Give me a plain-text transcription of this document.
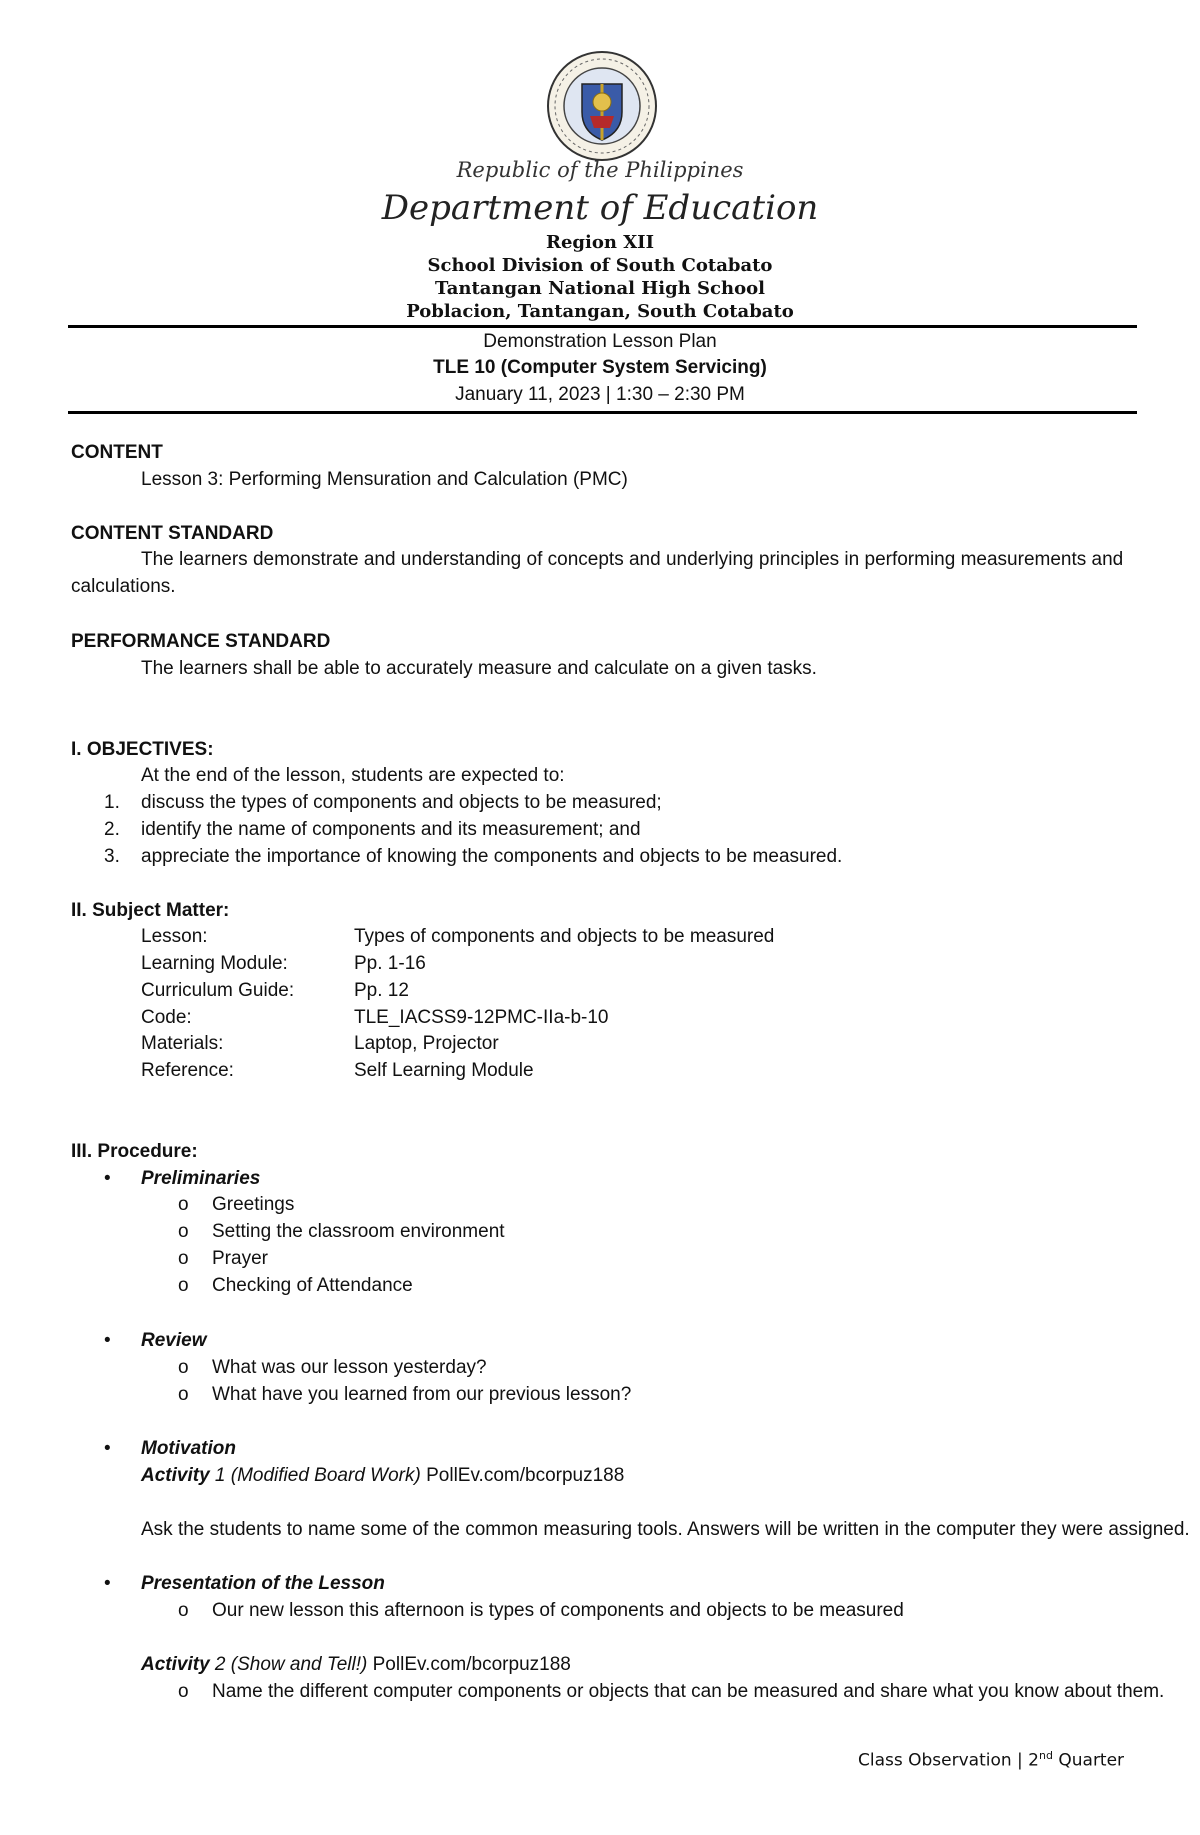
Republic of the Philippines
Department of Education
Region XII
School Division of South Cotabato
Tantangan National High School
Poblacion, Tantangan, South Cotabato
Demonstration Lesson Plan
TLE 10 (Computer System Servicing)
January 11, 2023 | 1:30 – 2:30 PM
CONTENT
Lesson 3: Performing Mensuration and Calculation (PMC)
CONTENT STANDARD
The learners demonstrate and understanding of concepts and underlying principles in performing measurements and calculations.
PERFORMANCE STANDARD
The learners shall be able to accurately measure and calculate on a given tasks.
I. OBJECTIVES:
At the end of the lesson, students are expected to:
1. discuss the types of components and objects to be measured;
2. identify the name of components and its measurement; and
3. appreciate the importance of knowing the components and objects to be measured.
II. Subject Matter:
Lesson:	Types of components and objects to be measured
Learning Module:	Pp. 1-16
Curriculum Guide:	Pp. 12
Code:	TLE_IACSS9-12PMC-IIa-b-10
Materials:	Laptop, Projector
Reference:	Self Learning Module
III. Procedure:
• Preliminaries
o Greetings
o Setting the classroom environment
o Prayer
o Checking of Attendance
• Review
o What was our lesson yesterday?
o What have you learned from our previous lesson?
• Motivation
Activity 1 (Modified Board Work) PollEv.com/bcorpuz188
Ask the students to name some of the common measuring tools. Answers will be written in the computer they were assigned.
• Presentation of the Lesson
o Our new lesson this afternoon is types of components and objects to be measured
Activity 2 (Show and Tell!) PollEv.com/bcorpuz188
o Name the different computer components or objects that can be measured and share what you know about them.
Class Observation | 2nd Quarter
